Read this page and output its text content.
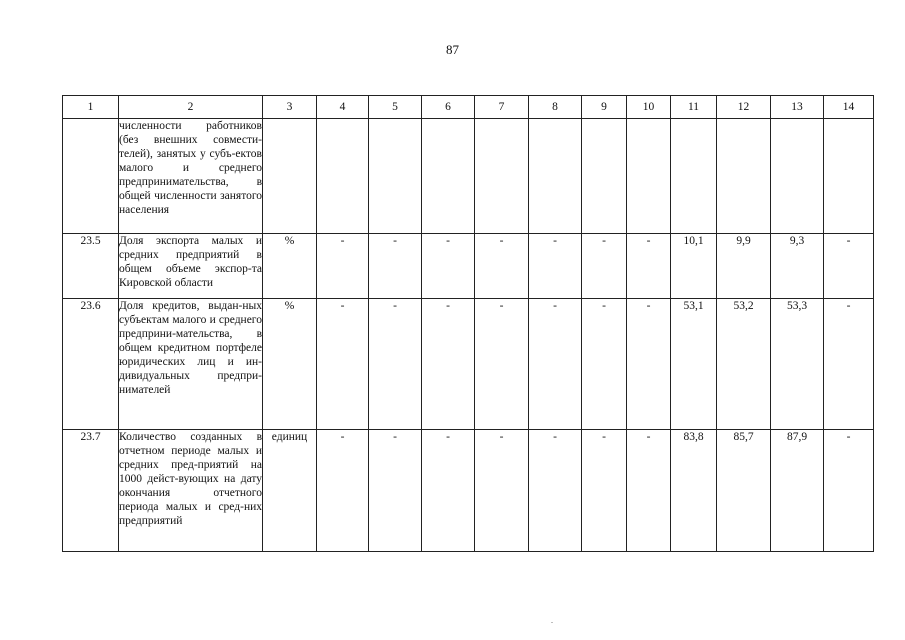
87
1	2	3	4	5	6	7	8	9	10	11	12	13	14
	численности работников (без внешних совмести-телей), занятых у субъ-ектов малого и среднего предпринимательства, в общей численности занятого населения												
23.5	Доля экспорта малых и средних предприятий в общем объеме экспор-та Кировской области	%	-	-	-	-	-	-	-	10,1	9,9	9,3	-
23.6	Доля кредитов, выдан-ных субъектам малого и среднего предприни-мательства, в общем кредитном портфеле юридических лиц и ин-дивидуальных предпри-нимателей	%	-	-	-	-	-	-	-	53,1	53,2	53,3	-
23.7	Количество созданных в отчетном периоде малых и средних пред-приятий на 1000 дейст-вующих на дату окончания отчетного периода малых и сред-них предприятий	единиц	-	-	-	-	-	-	-	83,8	85,7	87,9	-
.
